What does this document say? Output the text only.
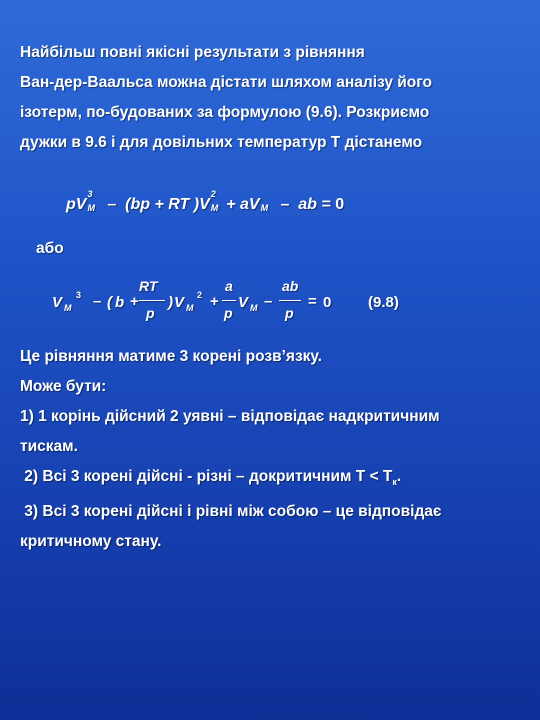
Найбільш повні якісні результати з рівняння
Ван-дер-Ваальса можна дістати шляхом аналізу його
ізотерм, по-будованих за формулою (9.6). Розкриємо
дужки в 9.6 і для довільних температур Т дістанемо
pV
3
M – (bp + RT )V
2
M + aV M – ab = 0
або
V M
3 – ( b +
RT
p
) V M
2 +
a
p
V M –
ab
p
= 0 (9.8)
Це рівняння матиме 3 корені розв’язку.
Може бути:
1) 1 корінь дійсний 2 уявні – відповідає надкритичним
тискам.
2) Всі 3 корені дійсні - різні – докритичним $Т < Т_к$.
3) Всі 3 корені дійсні і рівні між собою – це відповідає
критичному стану.
